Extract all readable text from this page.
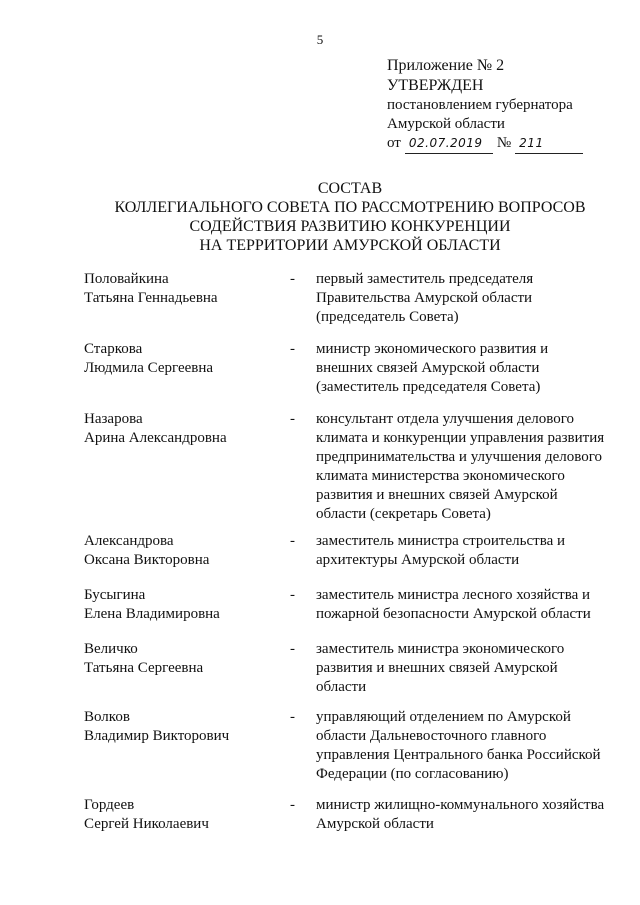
5
Приложение № 2
УТВЕРЖДЕН
постановлением губернатора
Амурской области
от 02.07.2019 № 211
СОСТАВ
КОЛЛЕГИАЛЬНОГО СОВЕТА ПО РАССМОТРЕНИЮ ВОПРОСОВ
СОДЕЙСТВИЯ РАЗВИТИЮ КОНКУРЕНЦИИ
НА ТЕРРИТОРИИ АМУРСКОЙ ОБЛАСТИ
Половайкина
Татьяна Геннадьевна
- первый заместитель председателя
Правительства Амурской области
(председатель Совета)
Старкова
Людмила Сергеевна
- министр экономического развития и
внешних связей Амурской области
(заместитель председателя Совета)
Назарова
Арина Александровна
- консультант отдела улучшения делового
климата и конкуренции управления развития
предпринимательства и улучшения делового
климата министерства экономического
развития и внешних связей Амурской
области (секретарь Совета)
Александрова
Оксана Викторовна
- заместитель министра строительства и
архитектуры Амурской области
Бусыгина
Елена Владимировна
- заместитель министра лесного хозяйства и
пожарной безопасности Амурской области
Величко
Татьяна Сергеевна
- заместитель министра экономического
развития и внешних связей Амурской
области
Волков
Владимир Викторович
- управляющий отделением по Амурской
области Дальневосточного главного
управления Центрального банка Российской
Федерации (по согласованию)
Гордеев
Сергей Николаевич
- министр жилищно-коммунального хозяйства
Амурской области
